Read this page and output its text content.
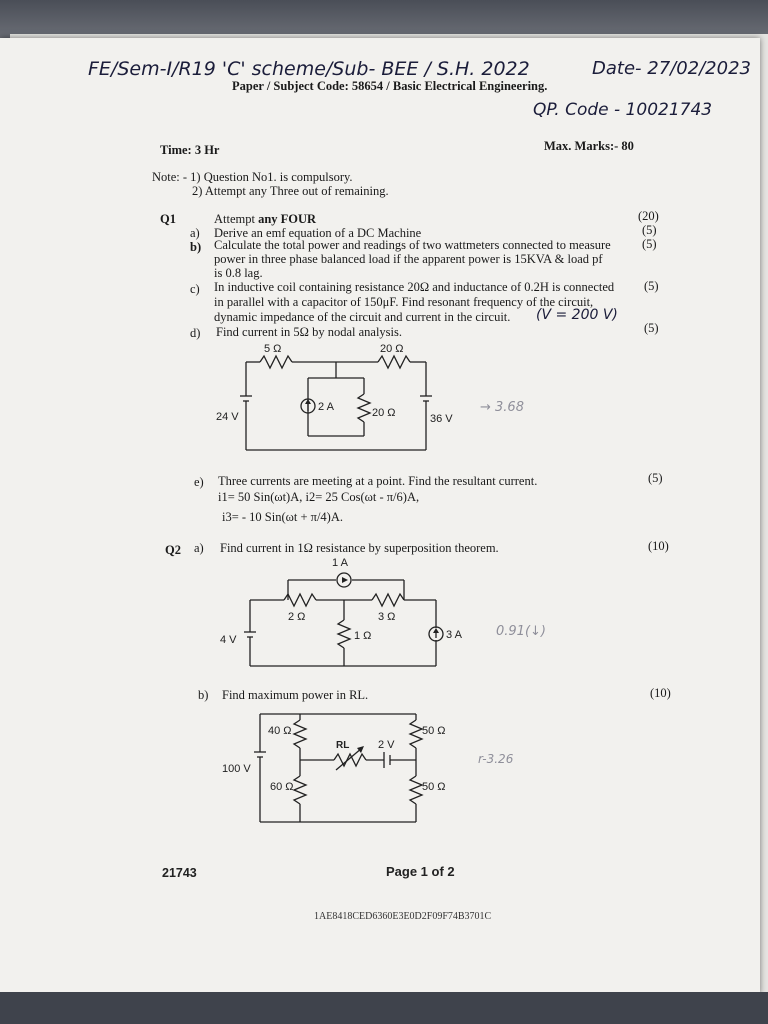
FE/Sem-I/R19 'C' scheme/Sub- BEE / S.H. 2022	Date- 27/02/2023
Paper / Subject Code: 58654 / Basic Electrical Engineering.
QP. Code - 10021743
Time: 3 Hr	Max. Marks:- 80
Note: - 1) Question No1. is compulsory.
2) Attempt any Three out of remaining.
Q1	Attempt any FOUR	(20)
a) Derive an emf equation of a DC Machine	(5)
b) Calculate the total power and readings of two wattmeters connected to measure
power in three phase balanced load if the apparent power is 15KVA & load pf
is 0.8 lag.
(5)
c) In inductive coil containing resistance 20Ω and inductance of 0.2H is connected
in parallel with a capacitor of 150μF. Find resonant frequency of the circuit,
dynamic impedance of the circuit and current in the circuit. (V = 200 V)
(5)
d) Find current in 5Ω by nodal analysis.	(5)
5 Ω	20 Ω
2 A	20 Ω
24 V	36 V
→ 3.68
e) Three currents are meeting at a point. Find the resultant current.	(5)
i1= 50 Sin(ωt)A, i2= 25 Cos(ωt - π/6)A,
i3= - 10 Sin(ωt + π/4)A.
Q2 a) Find current in 1Ω resistance by superposition theorem.	(10)
1 A
2 Ω	3 Ω
1 Ω	3 A
4 V
0.91(↓)
b) Find maximum power in RL.	(10)
40 Ω	50 Ω
60 Ω	50 Ω
RL	2 V
100 V
r-3.26
21743	Page 1 of 2
1AE8418CED6360E3E0D2F09F74B3701C
